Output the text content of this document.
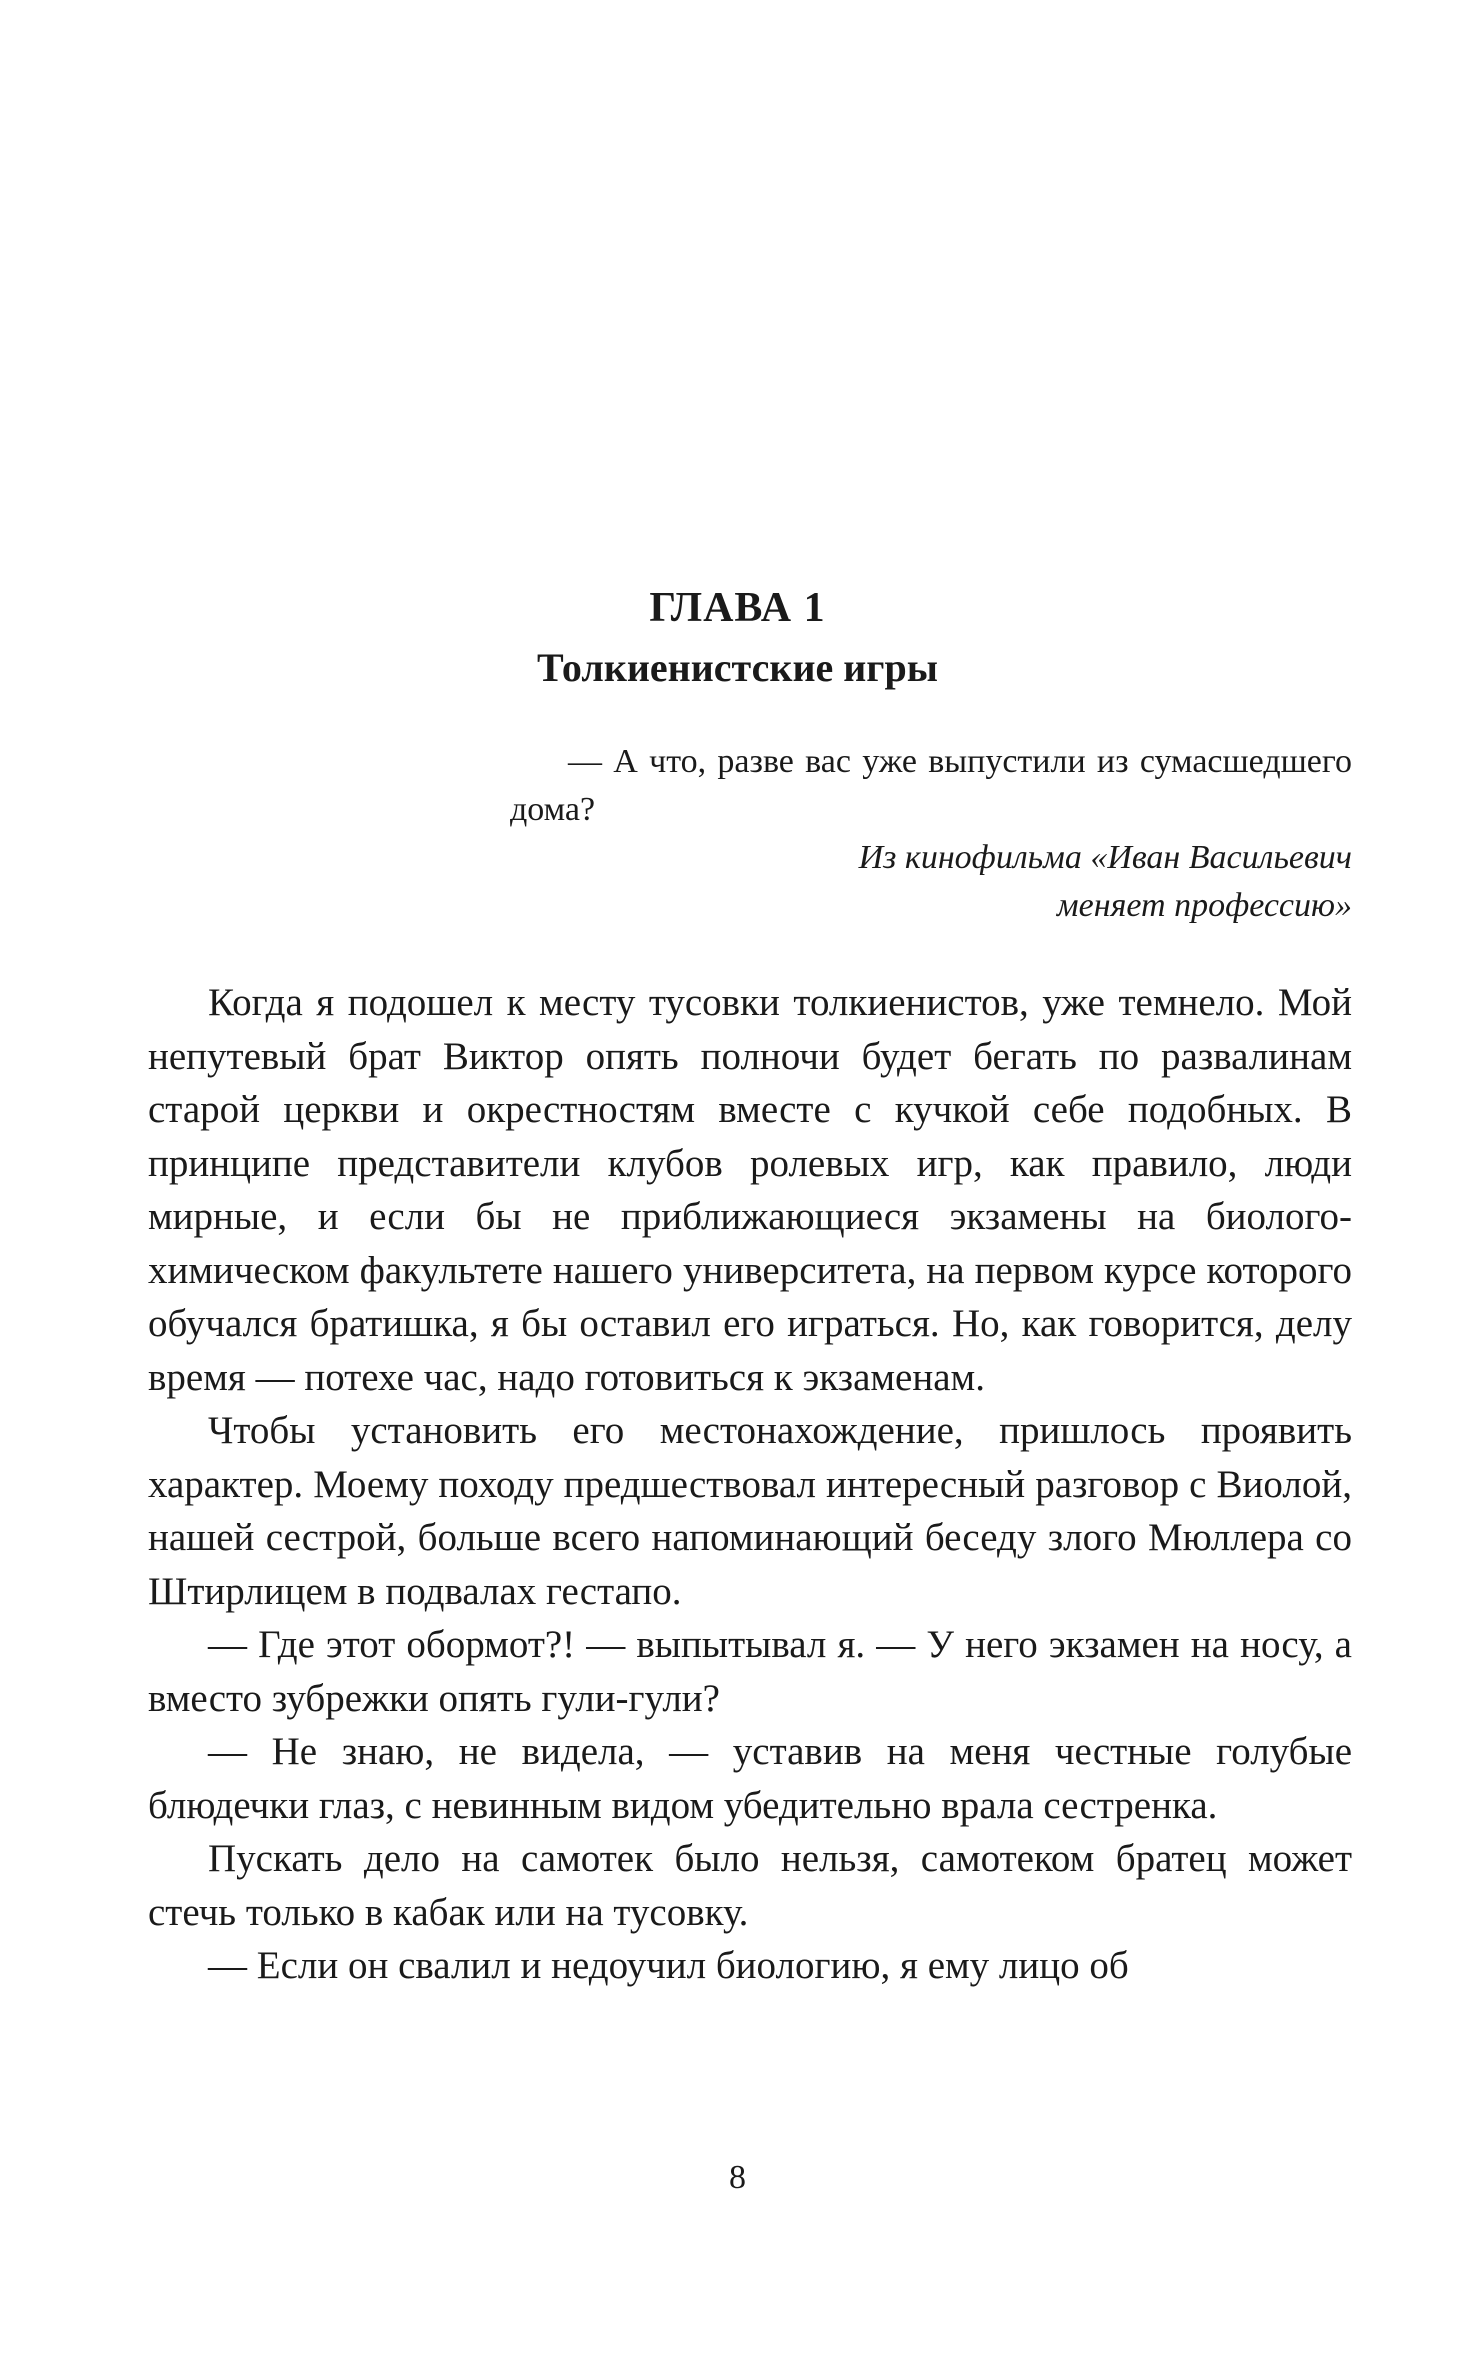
ГЛАВА 1
Толкиенистские игры

— А что, разве вас уже выпустили из сумасшедшего дома?

Из кинофильма «Иван Васильевич
меняет профессию»

Когда я подошел к месту тусовки толкиенистов, уже темнело. Мой непутевый брат Виктор опять полночи будет бегать по развалинам старой церкви и окрестностям вместе с кучкой себе подобных. В принципе представители клубов ролевых игр, как правило, люди мирные, и если бы не приближающиеся экзамены на биолого-химическом факультете нашего университета, на первом курсе которого обучался братишка, я бы оставил его играться. Но, как говорится, делу время — потехе час, надо готовиться к экзаменам.

Чтобы установить его местонахождение, пришлось проявить характер. Моему походу предшествовал интересный разговор с Виолой, нашей сестрой, больше всего напоминающий беседу злого Мюллера со Штирлицем в подвалах гестапо.

— Где этот обормот?! — выпытывал я. — У него экзамен на носу, а вместо зубрежки опять гули-гули?

— Не знаю, не видела, — уставив на меня честные голубые блюдечки глаз, с невинным видом убедительно врала сестренка.

Пускать дело на самотек было нельзя, самотеком братец может стечь только в кабак или на тусовку.

— Если он свалил и недоучил биологию, я ему лицо об

8
